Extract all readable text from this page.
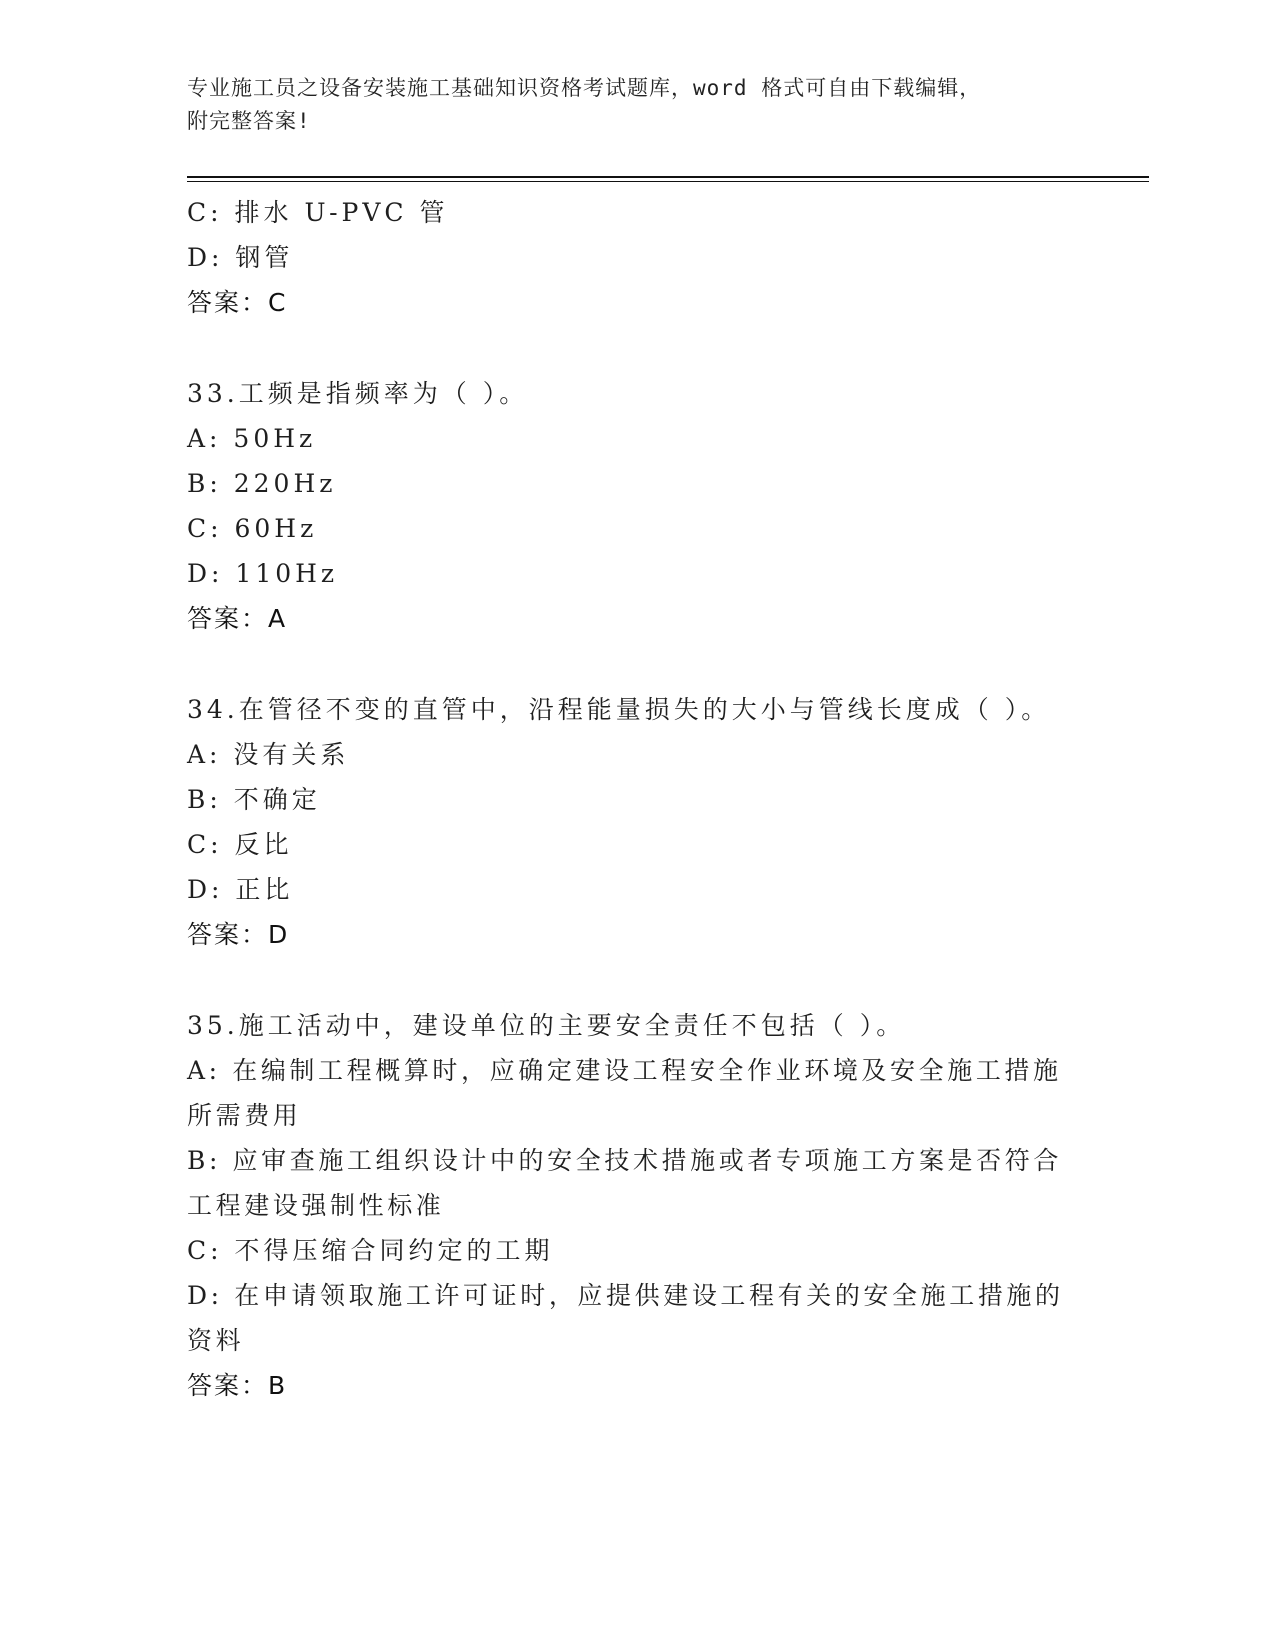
专业施工员之设备安装施工基础知识资格考试题库，word 格式可自由下载编辑，
附完整答案!
C: 排水 U-PVC 管
D: 钢管
答案：C
33.工频是指频率为（ ）。
A: 50Hz
B: 220Hz
C: 60Hz
D: 110Hz
答案：A
34.在管径不变的直管中，沿程能量损失的大小与管线长度成（ ）。
A: 没有关系
B: 不确定
C: 反比
D: 正比
答案：D
35.施工活动中，建设单位的主要安全责任不包括（ ）。
A: 在编制工程概算时，应确定建设工程安全作业环境及安全施工措施所需费用
B: 应审查施工组织设计中的安全技术措施或者专项施工方案是否符合工程建设强制性标准
C: 不得压缩合同约定的工期
D: 在申请领取施工许可证时，应提供建设工程有关的安全施工措施的资料
答案：B
